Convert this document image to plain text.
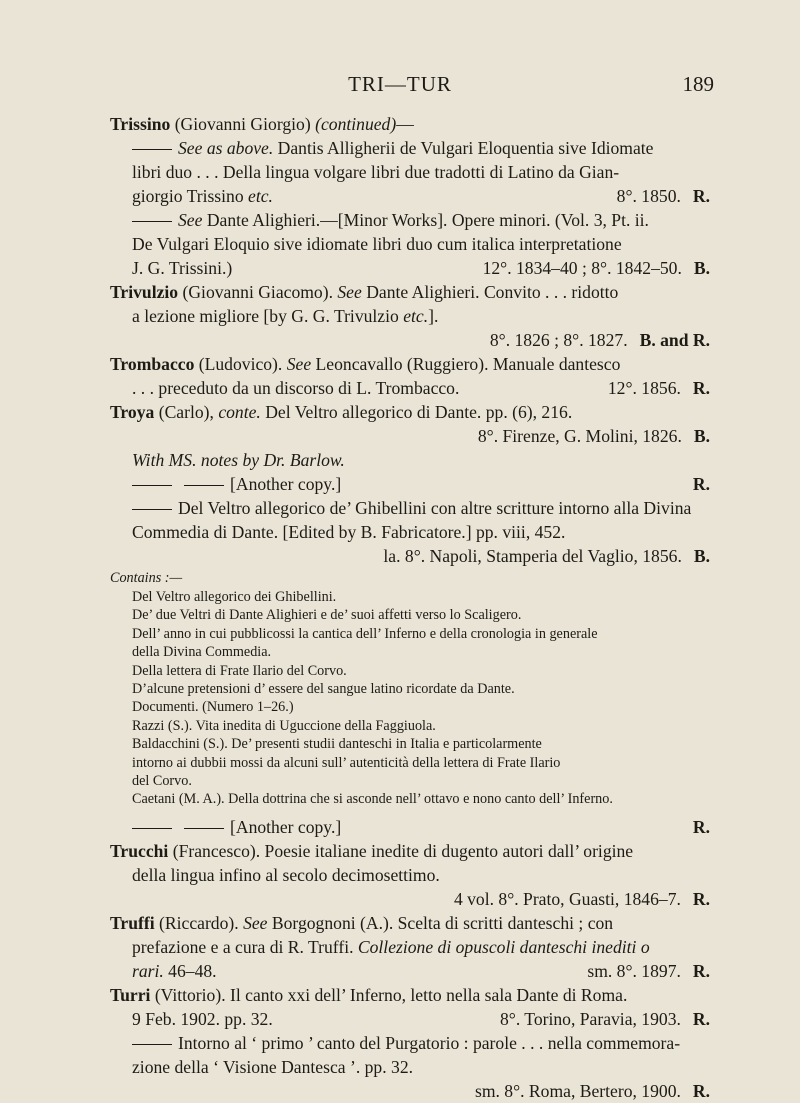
TRI—TUR	189
Trissino (Giovanni Giorgio) (continued)—
See as above. Dantis Alligherii de Vulgari Eloquentia sive Idiomate
libri duo . . . Della lingua volgare libri due tradotti di Latino da Gian-
giorgio Trissino etc.	8°. 1850. R.
See Dante Alighieri.—[Minor Works]. Opere minori. (Vol. 3, Pt. ii.
De Vulgari Eloquio sive idiomate libri duo cum italica interpretatione
J. G. Trissini.)	12°. 1834–40 ; 8°. 1842–50. B.
Trivulzio (Giovanni Giacomo). See Dante Alighieri. Convito . . . ridotto
a lezione migliore [by G. G. Trivulzio etc.].
8°. 1826 ; 8°. 1827. B. and R.
Trombacco (Ludovico). See Leoncavallo (Ruggiero). Manuale dantesco
. . . preceduto da un discorso di L. Trombacco.	12°. 1856. R.
Troya (Carlo), conte. Del Veltro allegorico di Dante. pp. (6), 216.
8°. Firenze, G. Molini, 1826. B.
With MS. notes by Dr. Barlow.
[Another copy.]	R.
Del Veltro allegorico de’ Ghibellini con altre scritture intorno alla Divina
Commedia di Dante. [Edited by B. Fabricatore.] pp. viii, 452.
la. 8°. Napoli, Stamperia del Vaglio, 1856. B.
Contains :—
Del Veltro allegorico dei Ghibellini.
De’ due Veltri di Dante Alighieri e de’ suoi affetti verso lo Scaligero.
Dell’ anno in cui pubblicossi la cantica dell’ Inferno e della cronologia in generale
della Divina Commedia.
Della lettera di Frate Ilario del Corvo.
D’alcune pretensioni d’ essere del sangue latino ricordate da Dante.
Documenti. (Numero 1–26.)
Razzi (S.). Vita inedita di Uguccione della Faggiuola.
Baldacchini (S.). De’ presenti studii danteschi in Italia e particolarmente
intorno ai dubbii mossi da alcuni sull’ autenticità della lettera di Frate Ilario
del Corvo.
Caetani (M. A.). Della dottrina che si asconde nell’ ottavo e nono canto dell’ Inferno.
[Another copy.]	R.
Trucchi (Francesco). Poesie italiane inedite di dugento autori dall’ origine
della lingua infino al secolo decimosettimo.
4 vol. 8°. Prato, Guasti, 1846–7. R.
Truffi (Riccardo). See Borgognoni (A.). Scelta di scritti danteschi ; con
prefazione e a cura di R. Truffi. Collezione di opuscoli danteschi inediti o
rari. 46–48.	sm. 8°. 1897. R.
Turri (Vittorio). Il canto xxi dell’ Inferno, letto nella sala Dante di Roma.
9 Feb. 1902. pp. 32.	8°. Torino, Paravia, 1903. R.
Intorno al ‘ primo ’ canto del Purgatorio : parole . . . nella commemora-
zione della ‘ Visione Dantesca ’. pp. 32.
sm. 8°. Roma, Bertero, 1900. R.
